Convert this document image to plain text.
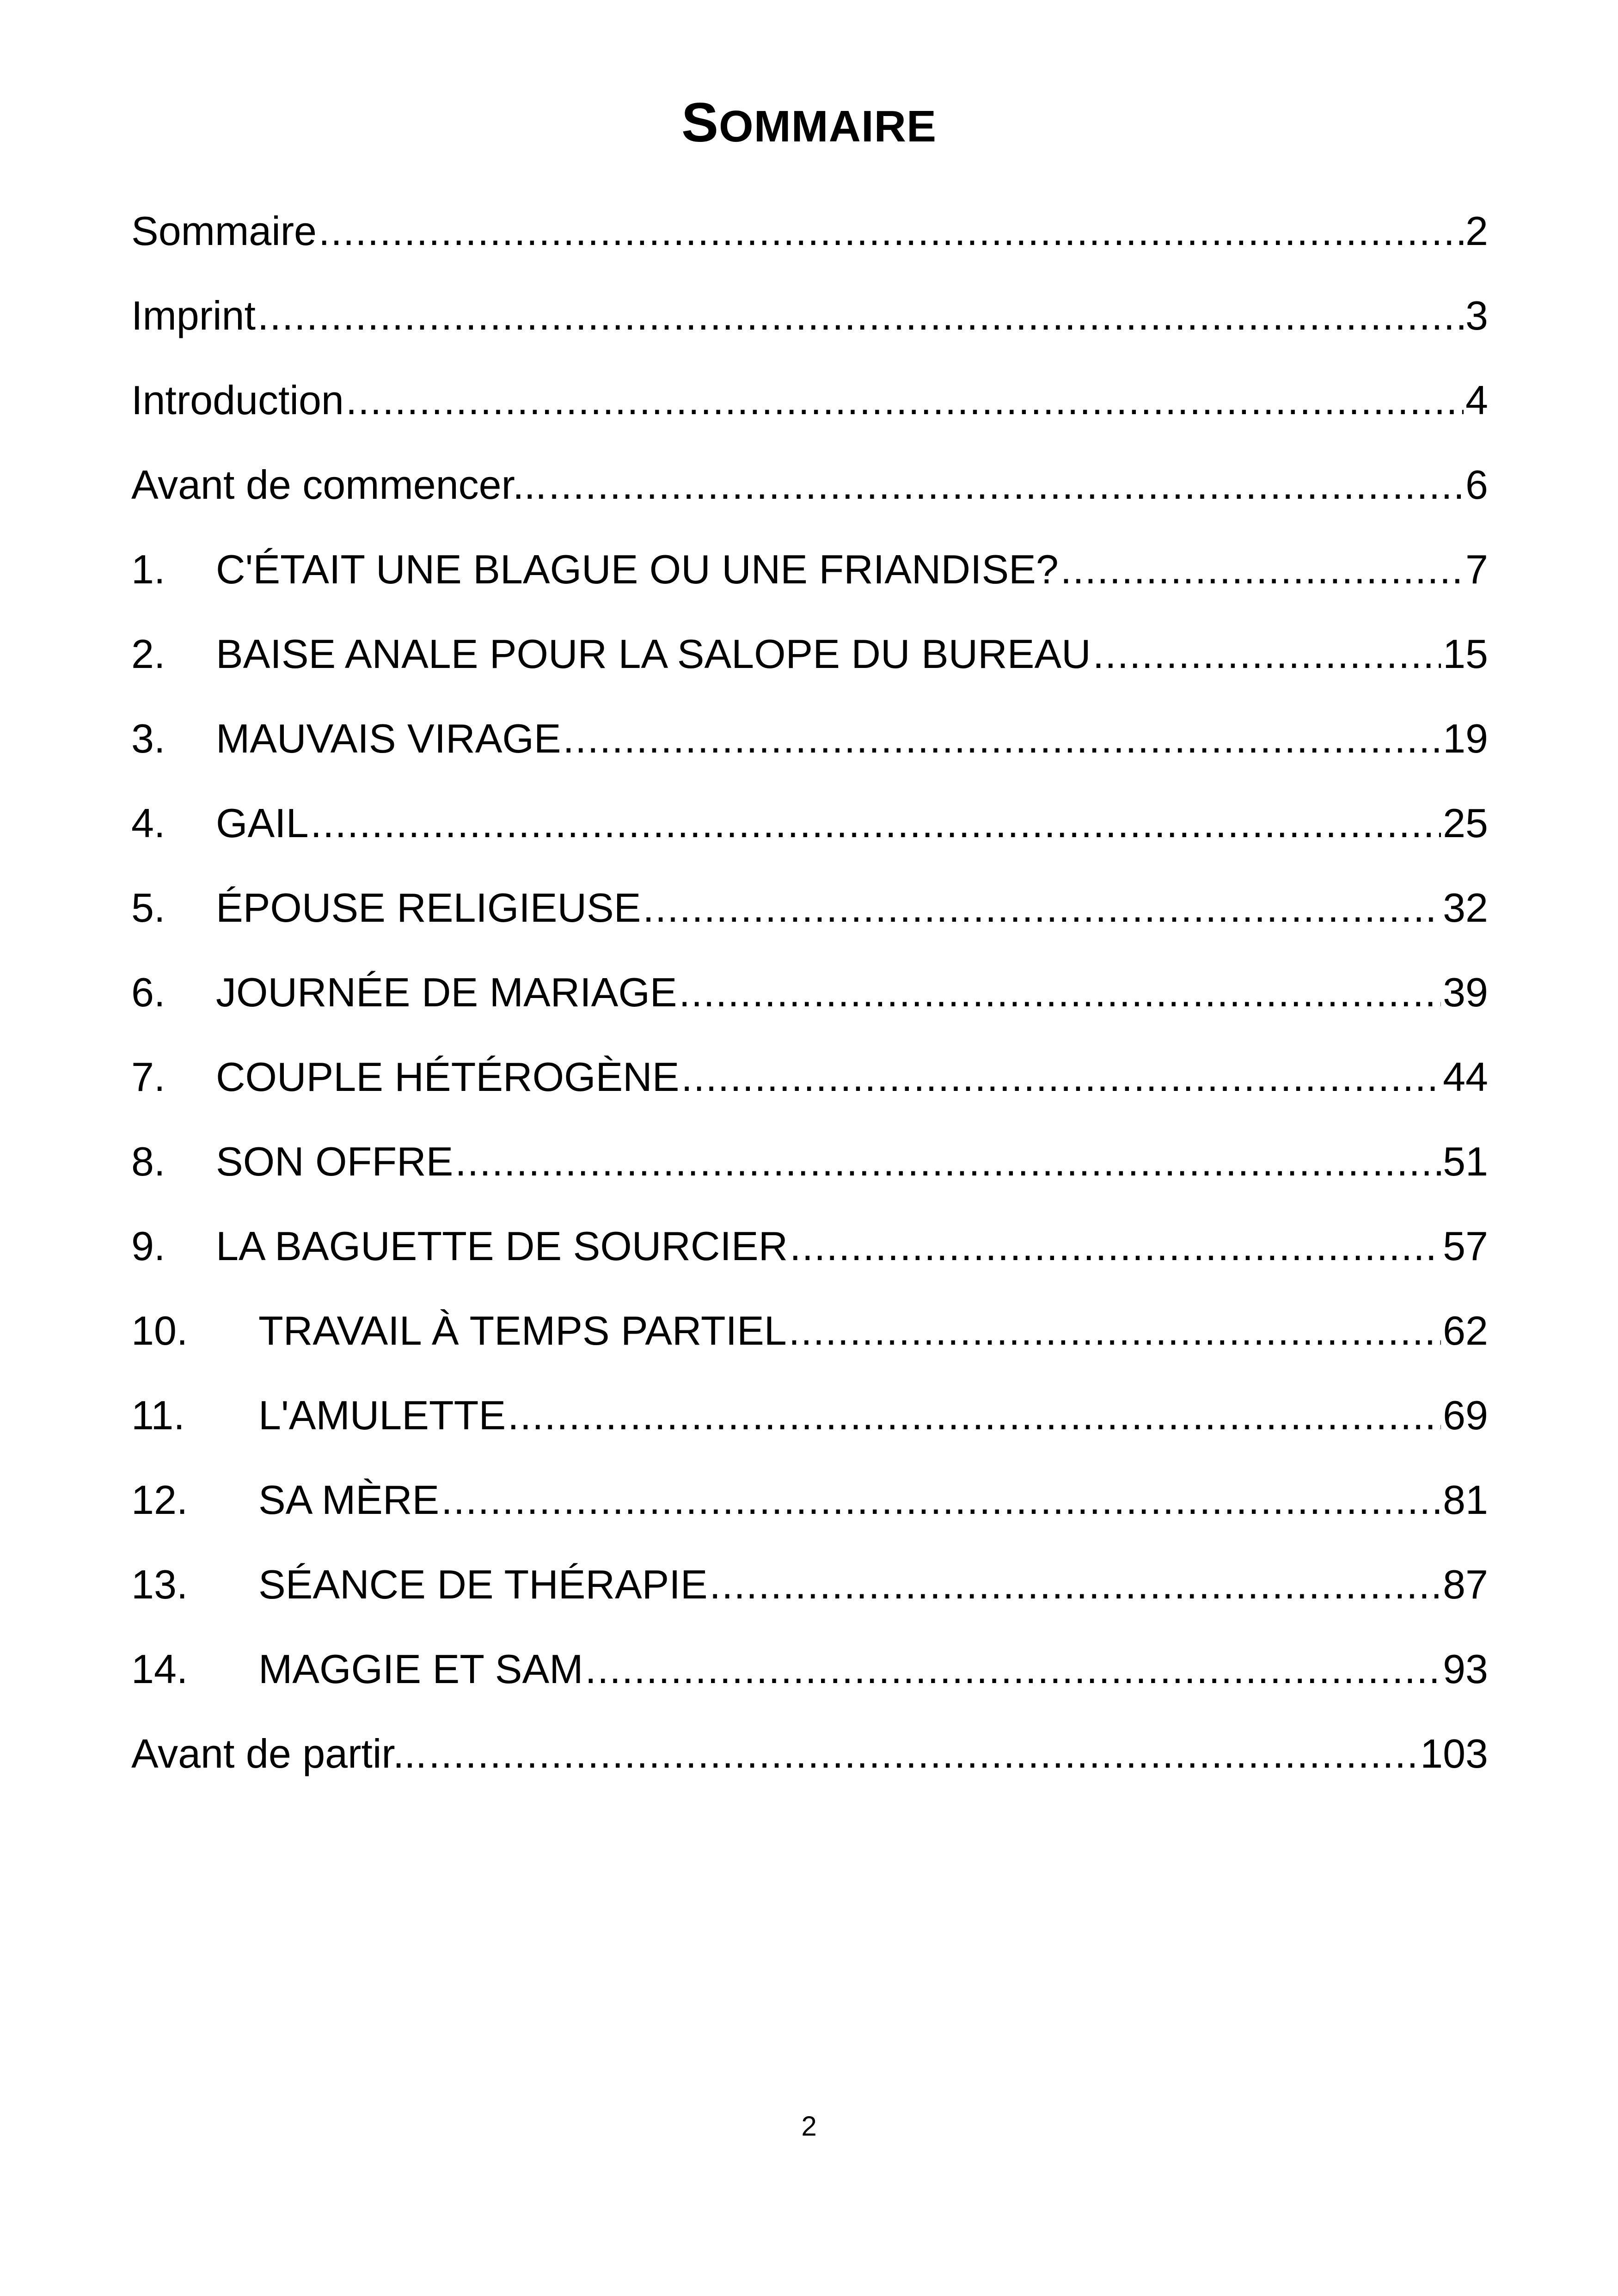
SOMMAIRE
Sommaire .....	2
Imprint .....	3
Introduction .....	4
Avant de commencer... .....	6
1.	C'ÉTAIT UNE BLAGUE OU UNE FRIANDISE? .....	7
2.	BAISE ANALE POUR LA SALOPE DU BUREAU .....	15
3.	MAUVAIS VIRAGE .....	19
4.	GAIL .....	25
5.	ÉPOUSE RELIGIEUSE .....	32
6.	JOURNÉE DE MARIAGE .....	39
7.	COUPLE HÉTÉROGÈNE .....	44
8.	SON OFFRE .....	51
9.	LA BAGUETTE DE SOURCIER .....	57
10.	TRAVAIL À TEMPS PARTIEL .....	62
11.	L'AMULETTE .....	69
12.	SA MÈRE .....	81
13.	SÉANCE DE THÉRAPIE .....	87
14.	MAGGIE ET SAM .....	93
Avant de partir... .....	103
2
